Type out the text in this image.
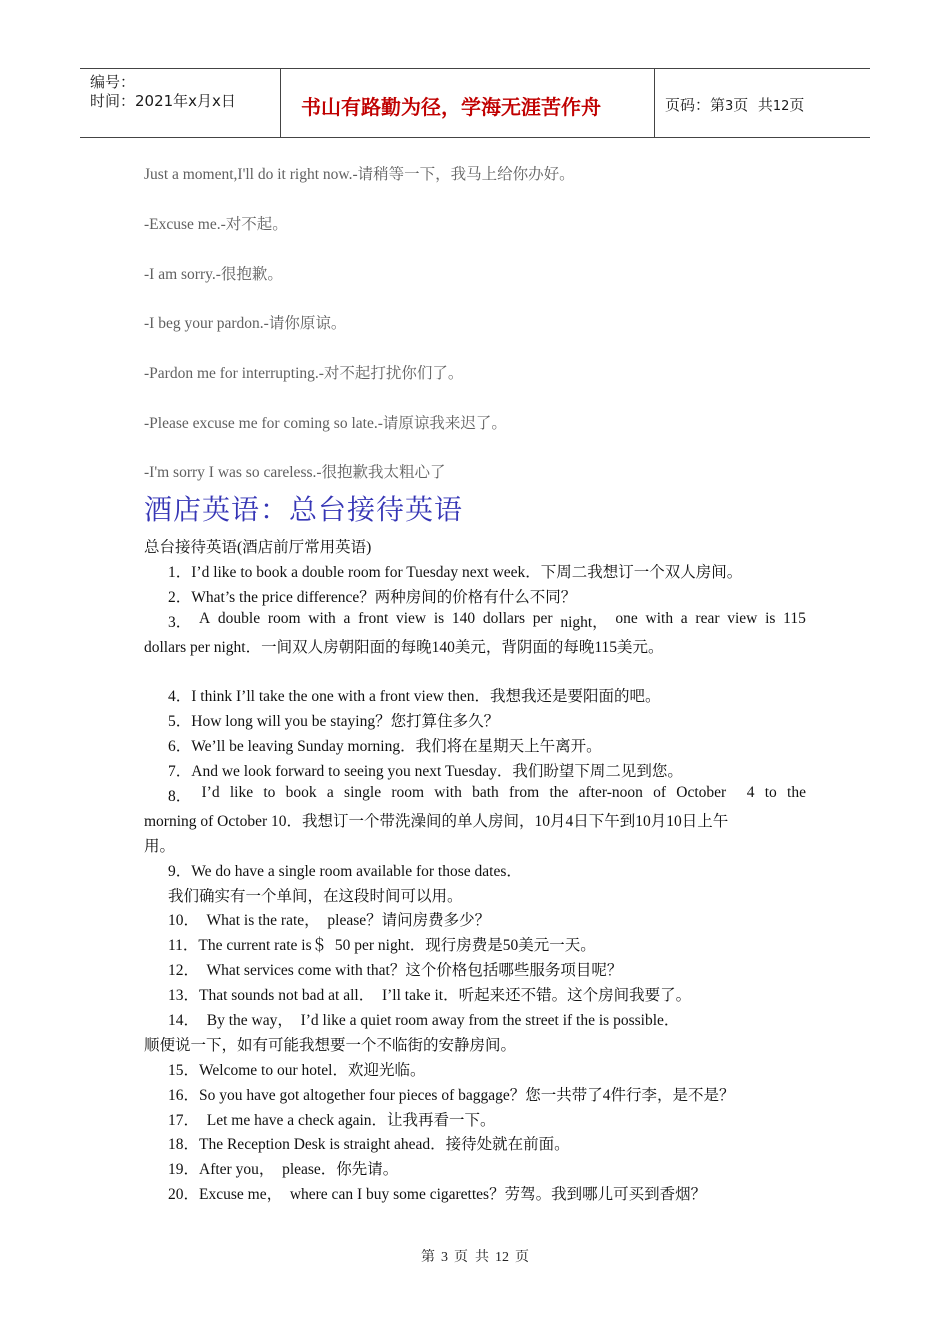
编号：
时间：2021年x月x日	书山有路勤为径，学海无涯苦作舟	页码：第3页  共12页
Just a moment,I'll do it right now.-请稍等一下，我马上给你办好。
-Excuse me.-对不起。
-I am sorry.-很抱歉。
-I beg your pardon.-请你原谅。
-Pardon me for interrupting.-对不起打扰你们了。
-Please excuse me for coming so late.-请原谅我来迟了。
-I'm sorry I was so careless.-很抱歉我太粗心了
酒店英语：总台接待英语
总台接待英语(酒店前厅常用英语)
1．I’d like to book a double room for Tuesday next week．下周二我想订一个双人房间。
2．What’s the price difference？两种房间的价格有什么不同？
3． A double room with a front view is 140 dollars per night， one with a rear view is 115
dollars per night．一间双人房朝阳面的每晚140美元，背阴面的每晚115美元。
4．I think I’ll take the one with a front view then．我想我还是要阳面的吧。
5．How long will you be staying？您打算住多久？
6．We’ll be leaving Sunday morning．我们将在星期天上午离开。
7．And we look forward to seeing you next Tuesday．我们盼望下周二见到您。
8． I’d like to book a single room with bath from the after-noon of October 4 to the
morning of October 10．我想订一个带洗澡间的单人房间，10月4日下午到10月10日上午
用。
9．We do have a single room available for those dates．
我们确实有一个单间，在这段时间可以用。
10．  What is the rate，  please？请问房费多少？
11．The current rate is＄  50 per night．现行房费是50美元一天。
12．  What services come with that？这个价格包括哪些服务项目呢？
13．That sounds not bad at all．  I’ll take it．听起来还不错。这个房间我要了。
14．  By the way，  I’d like a quiet room away from the street if the is possible．
顺便说一下，如有可能我想要一个不临街的安静房间。
15．Welcome to our hotel．欢迎光临。
16．So you have got altogether four pieces of baggage？您一共带了4件行李，是不是？
17．  Let me have a check again．让我再看一下。
18．The Reception Desk is straight ahead．接待处就在前面。
19．After you，  please．你先请。
20．Excuse me，  where can I buy some cigarettes？劳驾。我到哪儿可买到香烟？
第 3 页  共 12 页
